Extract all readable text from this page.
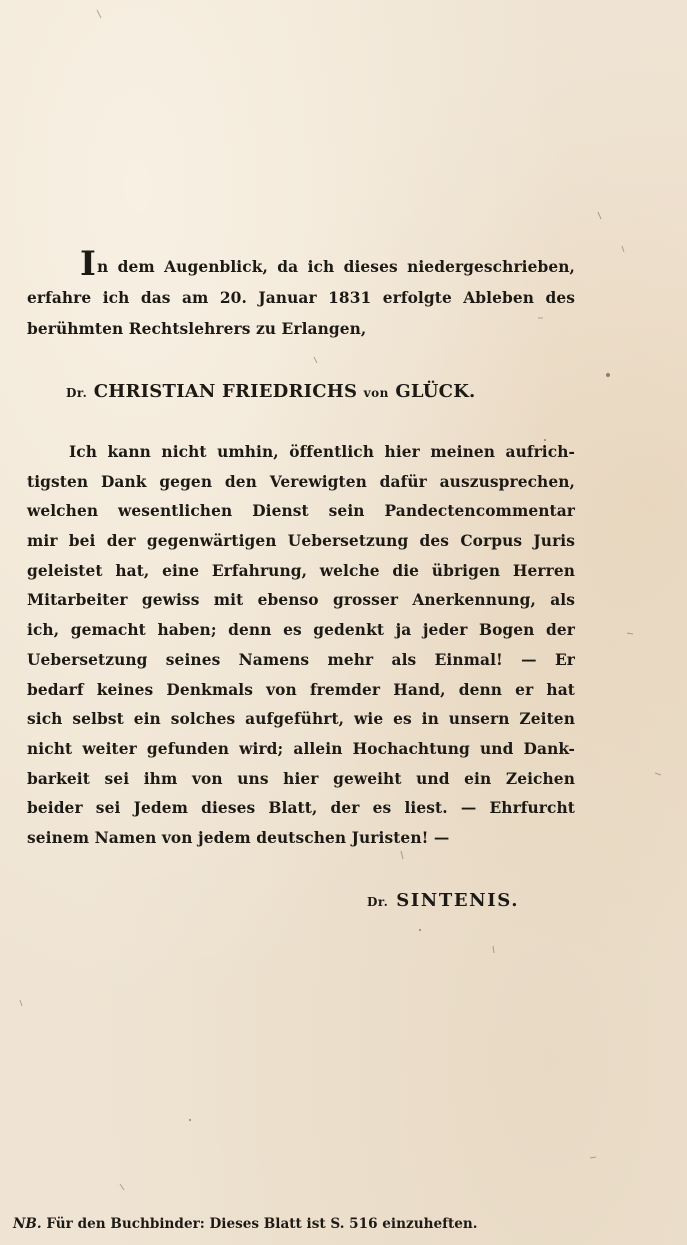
In dem Augenblick, da ich dieses niedergeschrieben,
erfahre ich das am 20. Januar 1831 erfolgte Ableben des
berühmten Rechtslehrers zu Erlangen,
Dr. CHRISTIAN FRIEDRICHS von GLÜCK.
Ich kann nicht umhin, öffentlich hier meinen aufrich-
tigsten Dank gegen den Verewigten dafür auszusprechen,
welchen wesentlichen Dienst sein Pandectencommentar
mir bei der gegenwärtigen Uebersetzung des Corpus Juris
geleistet hat, eine Erfahrung, welche die übrigen Herren
Mitarbeiter gewiss mit ebenso grosser Anerkennung, als
ich, gemacht haben; denn es gedenkt ja jeder Bogen der
Uebersetzung seines Namens mehr als Einmal! — Er
bedarf keines Denkmals von fremder Hand, denn er hat
sich selbst ein solches aufgeführt, wie es in unsern Zeiten
nicht weiter gefunden wird; allein Hochachtung und Dank-
barkeit sei ihm von uns hier geweiht und ein Zeichen
beider sei Jedem dieses Blatt, der es liest. — Ehrfurcht
seinem Namen von jedem deutschen Juristen! —
Dr. SINTENIS.
NB. Für den Buchbinder: Dieses Blatt ist S. 516 einzuheften.
